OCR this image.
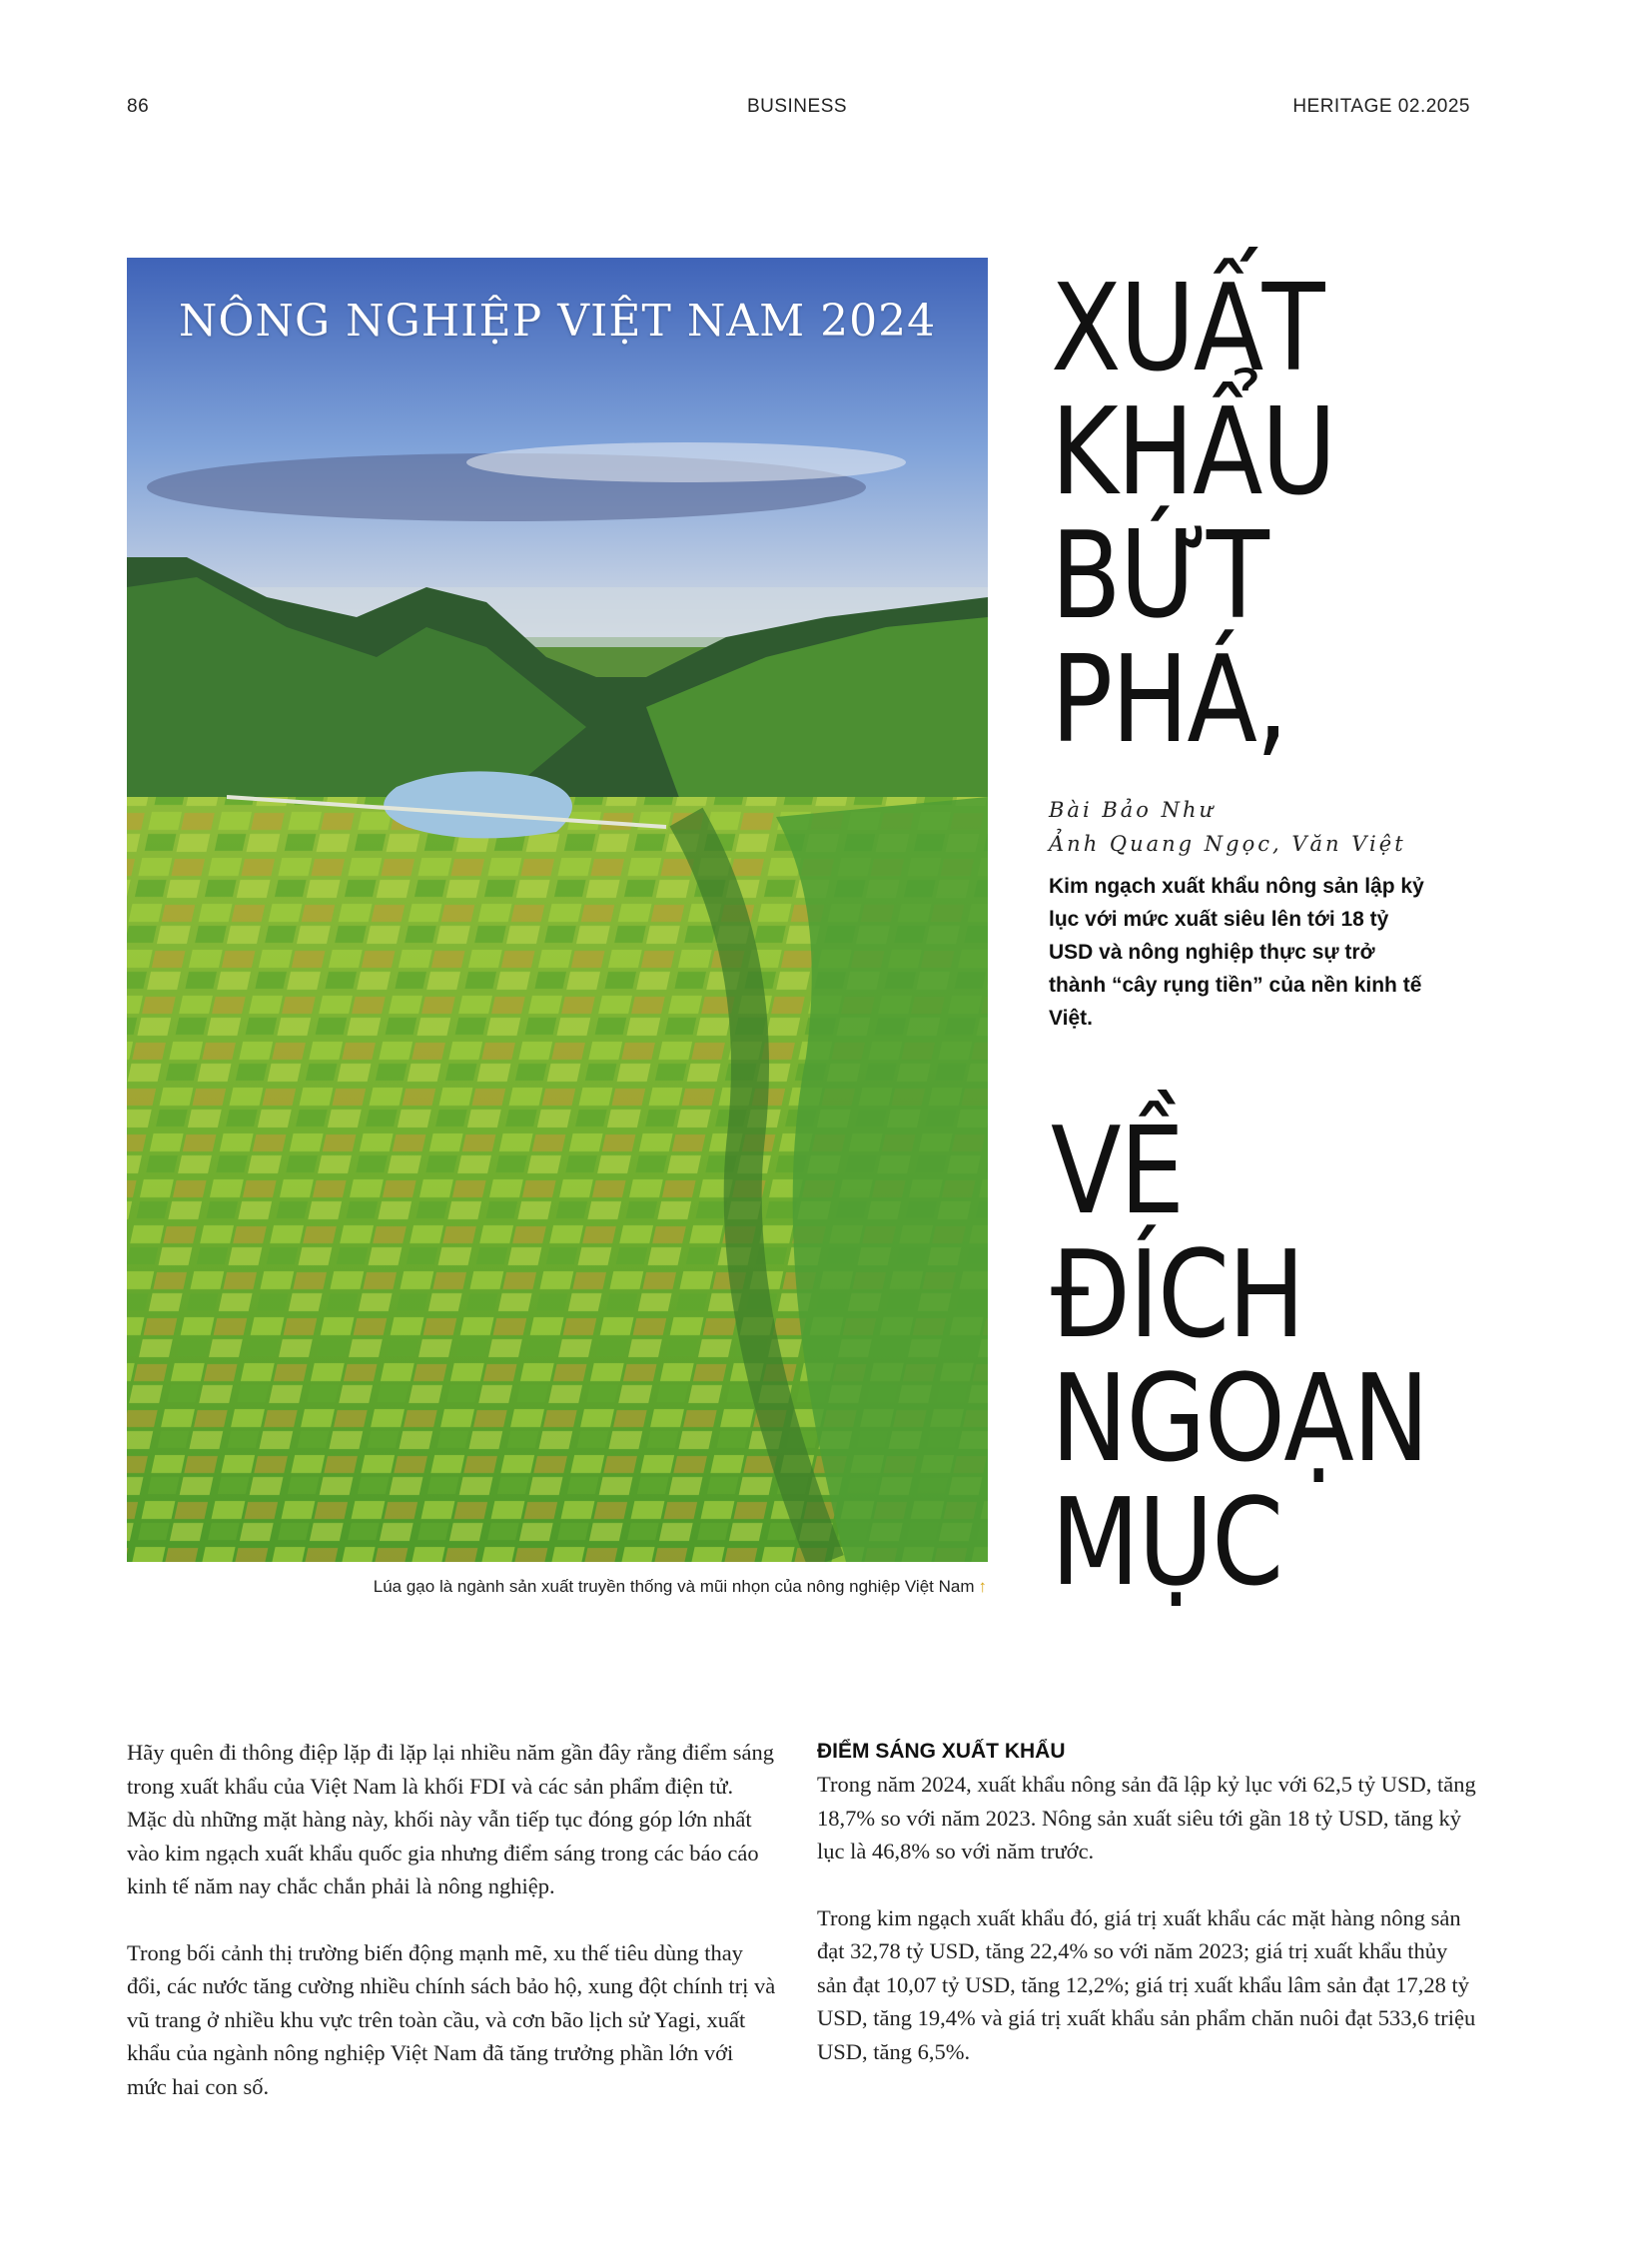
86	BUSINESS	HERITAGE 02.2025
NÔNG NGHIỆP VIỆT NAM 2024
Lúa gạo là ngành sản xuất truyền thống và mũi nhọn của nông nghiệp Việt Nam ↑
XUẤT
KHẨU
BỨT
PHÁ,
Bài Bảo Như
Ảnh Quang Ngọc, Văn Việt
Kim ngạch xuất khẩu nông sản lập kỷ lục với mức xuất siêu lên tới 18 tỷ USD và nông nghiệp thực sự trở thành “cây rụng tiền” của nền kinh tế Việt.
VỀ
ĐÍCH
NGOẠN
MỤC

Hãy quên đi thông điệp lặp đi lặp lại nhiều năm gần đây rằng điểm sáng trong xuất khẩu của Việt Nam là khối FDI và các sản phẩm điện tử. Mặc dù những mặt hàng này, khối này vẫn tiếp tục đóng góp lớn nhất vào kim ngạch xuất khẩu quốc gia nhưng điểm sáng trong các báo cáo kinh tế năm nay chắc chắn phải là nông nghiệp.

Trong bối cảnh thị trường biến động mạnh mẽ, xu thế tiêu dùng thay đổi, các nước tăng cường nhiều chính sách bảo hộ, xung đột chính trị và vũ trang ở nhiều khu vực trên toàn cầu, và cơn bão lịch sử Yagi, xuất khẩu của ngành nông nghiệp Việt Nam đã tăng trưởng phần lớn với mức hai con số.

ĐIỂM SÁNG XUẤT KHẨU

Trong năm 2024, xuất khẩu nông sản đã lập kỷ lục với 62,5 tỷ USD, tăng 18,7% so với năm 2023. Nông sản xuất siêu tới gần 18 tỷ USD, tăng kỷ lục là 46,8% so với năm trước.

Trong kim ngạch xuất khẩu đó, giá trị xuất khẩu các mặt hàng nông sản đạt 32,78 tỷ USD, tăng 22,4% so với năm 2023; giá trị xuất khẩu thủy sản đạt 10,07 tỷ USD, tăng 12,2%; giá trị xuất khẩu lâm sản đạt 17,28 tỷ USD, tăng 19,4% và giá trị xuất khẩu sản phẩm chăn nuôi đạt 533,6 triệu USD, tăng 6,5%.
